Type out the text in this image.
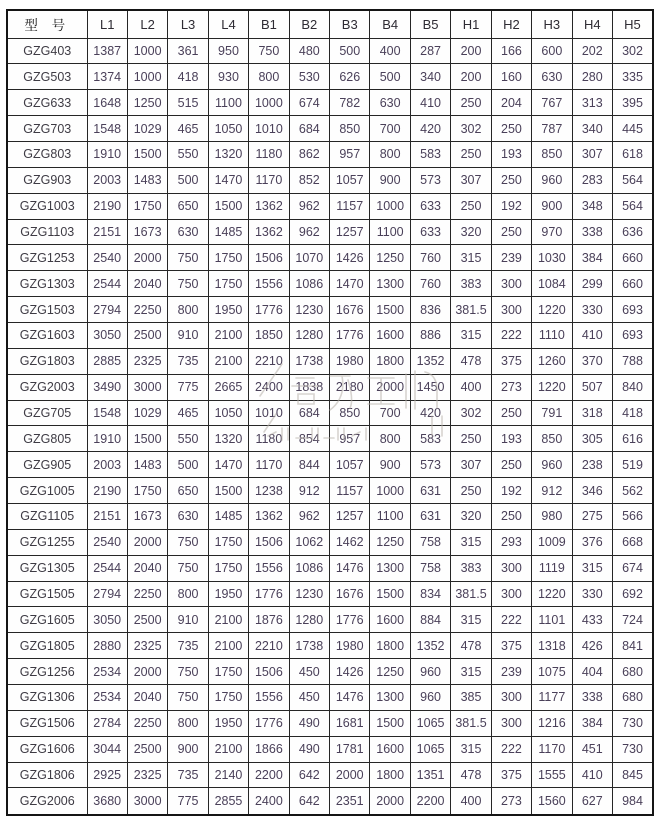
型 号	L1	L2	L3	L4	B1	B2	B3	B4	B5	H1	H2	H3	H4	H5
GZG403	1387	1000	361	950	750	480	500	400	287	200	166	600	202	302
GZG503	1374	1000	418	930	800	530	626	500	340	200	160	630	280	335
GZG633	1648	1250	515	1100	1000	674	782	630	410	250	204	767	313	395
GZG703	1548	1029	465	1050	1010	684	850	700	420	302	250	787	340	445
GZG803	1910	1500	550	1320	1180	862	957	800	583	250	193	850	307	618
GZG903	2003	1483	500	1470	1170	852	1057	900	573	307	250	960	283	564
GZG1003	2190	1750	650	1500	1362	962	1157	1000	633	250	192	900	348	564
GZG1103	2151	1673	630	1485	1362	962	1257	1100	633	320	250	970	338	636
GZG1253	2540	2000	750	1750	1506	1070	1426	1250	760	315	239	1030	384	660
GZG1303	2544	2040	750	1750	1556	1086	1470	1300	760	383	300	1084	299	660
GZG1503	2794	2250	800	1950	1776	1230	1676	1500	836	381.5	300	1220	330	693
GZG1603	3050	2500	910	2100	1850	1280	1776	1600	886	315	222	1110	410	693
GZG1803	2885	2325	735	2100	2210	1738	1980	1800	1352	478	375	1260	370	788
GZG2003	3490	3000	775	2665	2400	1838	2180	2000	1450	400	273	1220	507	840
GZG705	1548	1029	465	1050	1010	684	850	700	420	302	250	791	318	418
GZG805	1910	1500	550	1320	1180	854	957	800	583	250	193	850	305	616
GZG905	2003	1483	500	1470	1170	844	1057	900	573	307	250	960	238	519
GZG1005	2190	1750	650	1500	1238	912	1157	1000	631	250	192	912	346	562
GZG1105	2151	1673	630	1485	1362	962	1257	1100	631	320	250	980	275	566
GZG1255	2540	2000	750	1750	1506	1062	1462	1250	758	315	293	1009	376	668
GZG1305	2544	2040	750	1750	1556	1086	1476	1300	758	383	300	1119	315	674
GZG1505	2794	2250	800	1950	1776	1230	1676	1500	834	381.5	300	1220	330	692
GZG1605	3050	2500	910	2100	1876	1280	1776	1600	884	315	222	1101	433	724
GZG1805	2880	2325	735	2100	2210	1738	1980	1800	1352	478	375	1318	426	841
GZG1256	2534	2000	750	1750	1506	450	1426	1250	960	315	239	1075	404	680
GZG1306	2534	2040	750	1750	1556	450	1476	1300	960	385	300	1177	338	680
GZG1506	2784	2250	800	1950	1776	490	1681	1500	1065	381.5	300	1216	384	730
GZG1606	3044	2500	900	2100	1866	490	1781	1600	1065	315	222	1170	451	730
GZG1806	2925	2325	735	2140	2200	642	2000	1800	1351	478	375	1555	410	845
GZG2006	3680	3000	775	2855	2400	642	2351	2000	2200	400	273	1560	627	984
